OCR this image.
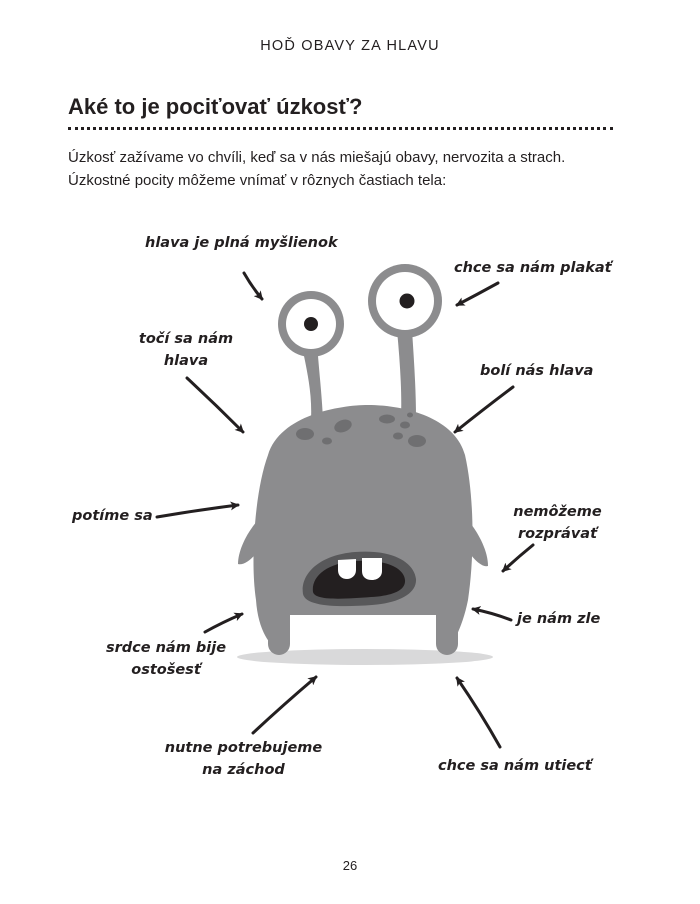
HOĎ OBAVY ZA HLAVU
Aké to je pociťovať úzkosť?

Úzkosť zažívame vo chvíli, keď sa v nás miešajú obavy, nervozita a strach.
Úzkostné pocity môžeme vnímať v rôznych častiach tela:

hlava je plná myšlienok
chce sa nám plakať
točí sa nám
hlava
bolí nás hlava
potíme sa	nemôžeme
rozprávať
je nám zle
srdce nám bije
ostošesť
nutne potrebujeme
na záchod	chce sa nám utiecť
26
